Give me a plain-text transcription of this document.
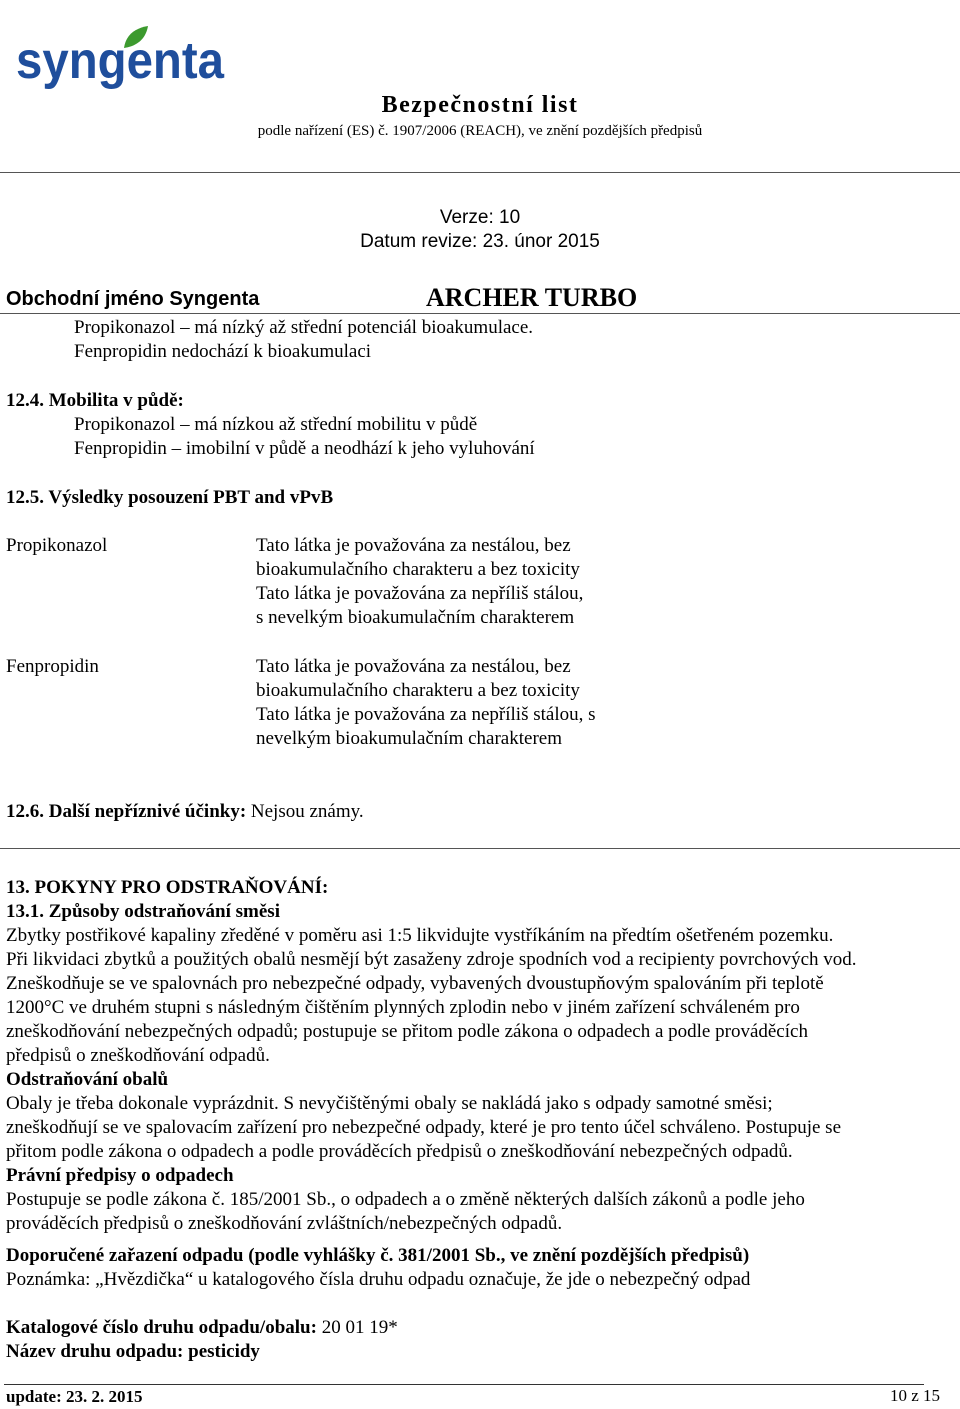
syngenta
Bezpečnostní list
podle nařízení (ES) č. 1907/2006 (REACH), ve znění pozdějších předpisů
Verze: 10
Datum revize: 23. únor 2015
Obchodní jméno Syngenta	ARCHER TURBO
Propikonazol – má nízký až střední potenciál bioakumulace.
Fenpropidin nedochází k bioakumulaci
12.4. Mobilita v půdě:
Propikonazol – má nízkou až střední mobilitu v půdě
Fenpropidin – imobilní v půdě a neodhází k jeho vyluhování
12.5. Výsledky posouzení PBT and vPvB
Propikonazol	Tato látka je považována za nestálou, bez
bioakumulačního charakteru a bez toxicity
Tato látka je považována za nepříliš stálou,
s nevelkým bioakumulačním charakterem
Fenpropidin	Tato látka je považována za nestálou, bez
bioakumulačního charakteru a bez toxicity
Tato látka je považována za nepříliš stálou, s
nevelkým bioakumulačním charakterem
12.6. Další nepříznivé účinky: Nejsou známy.
13. POKYNY PRO ODSTRAŇOVÁNÍ:
13.1. Způsoby odstraňování směsi
Zbytky postřikové kapaliny zředěné v poměru asi 1:5 likvidujte vystříkáním na předtím ošetřeném pozemku.
Při likvidaci zbytků a použitých obalů nesmějí být zasaženy zdroje spodních vod a recipienty povrchových vod.
Zneškodňuje se ve spalovnách pro nebezpečné odpady, vybavených dvoustupňovým spalováním při teplotě
1200°C ve druhém stupni s následným čištěním plynných zplodin nebo v jiném zařízení schváleném pro
zneškodňování nebezpečných odpadů; postupuje se přitom podle zákona o odpadech a podle prováděcích
předpisů o zneškodňování odpadů.
Odstraňování obalů
Obaly je třeba dokonale vyprázdnit. S nevyčištěnými obaly se nakládá jako s odpady samotné směsi;
zneškodňují se ve spalovacím zařízení pro nebezpečné odpady, které je pro tento účel schváleno. Postupuje se
přitom podle zákona o odpadech a podle prováděcích předpisů o zneškodňování nebezpečných odpadů.
Právní předpisy o odpadech
Postupuje se podle zákona č. 185/2001 Sb., o odpadech a o změně některých dalších zákonů a podle jeho
prováděcích předpisů o zneškodňování zvláštních/nebezpečných odpadů.
Doporučené zařazení odpadu (podle vyhlášky č. 381/2001 Sb., ve znění pozdějších předpisů)
Poznámka: „Hvězdička“ u katalogového čísla druhu odpadu označuje, že jde o nebezpečný odpad
Katalogové číslo druhu odpadu/obalu: 20 01 19*
Název druhu odpadu: pesticidy
update: 23. 2. 2015	10 z 15
